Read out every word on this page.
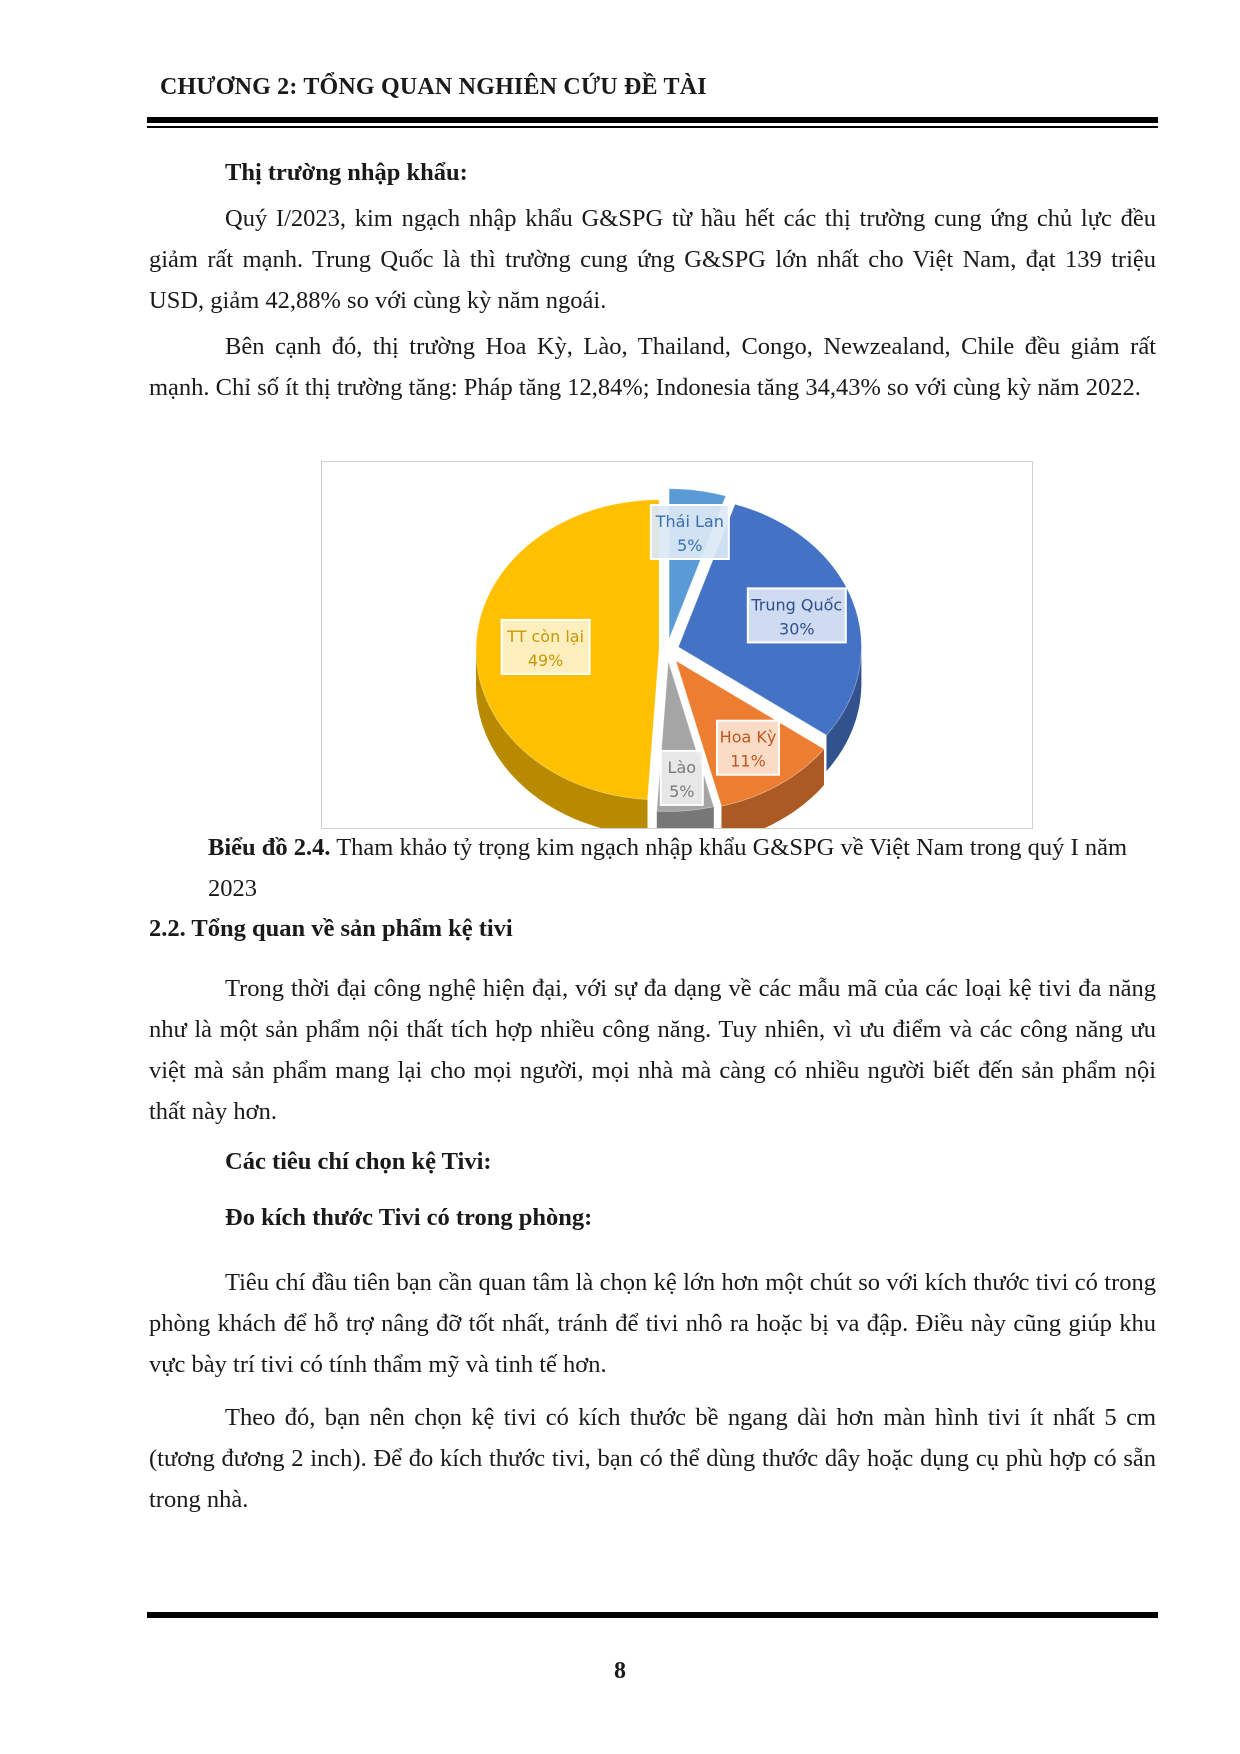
CHƯƠNG 2: TỔNG QUAN NGHIÊN CỨU ĐỀ TÀI
Thị trường nhập khẩu:
Quý I/2023, kim ngạch nhập khẩu G&SPG từ hầu hết các thị trường cung ứng chủ lực đều giảm rất mạnh. Trung Quốc là thì trường cung ứng G&SPG lớn nhất cho Việt Nam, đạt 139 triệu USD, giảm 42,88% so với cùng kỳ năm ngoái.
Bên cạnh đó, thị trường Hoa Kỳ, Lào, Thailand, Congo, Newzealand, Chile đều giảm rất mạnh. Chỉ số ít thị trường tăng: Pháp tăng 12,84%; Indonesia tăng 34,43% so với cùng kỳ năm 2022.
Thái Lan
5%
Trung Quốc
30%
Hoa Kỳ
11%
Lào
5%
TT còn lại
49%
Biểu đồ 2.4. Tham khảo tỷ trọng kim ngạch nhập khẩu G&SPG về Việt Nam trong quý I năm 2023
2.2. Tổng quan về sản phẩm kệ tivi
Trong thời đại công nghệ hiện đại, với sự đa dạng về các mẫu mã của các loại kệ tivi đa năng như là một sản phẩm nội thất tích hợp nhiều công năng. Tuy nhiên, vì ưu điểm và các công năng ưu việt mà sản phẩm mang lại cho mọi người, mọi nhà mà càng có nhiều người biết đến sản phẩm nội thất này hơn.
Các tiêu chí chọn kệ Tivi:
Đo kích thước Tivi có trong phòng:
Tiêu chí đầu tiên bạn cần quan tâm là chọn kệ lớn hơn một chút so với kích thước tivi có trong phòng khách để hỗ trợ nâng đỡ tốt nhất, tránh để tivi nhô ra hoặc bị va đập. Điều này cũng giúp khu vực bày trí tivi có tính thẩm mỹ và tinh tế hơn.
Theo đó, bạn nên chọn kệ tivi có kích thước bề ngang dài hơn màn hình tivi ít nhất 5 cm (tương đương 2 inch). Để đo kích thước tivi, bạn có thể dùng thước dây hoặc dụng cụ phù hợp có sẵn trong nhà.
8
